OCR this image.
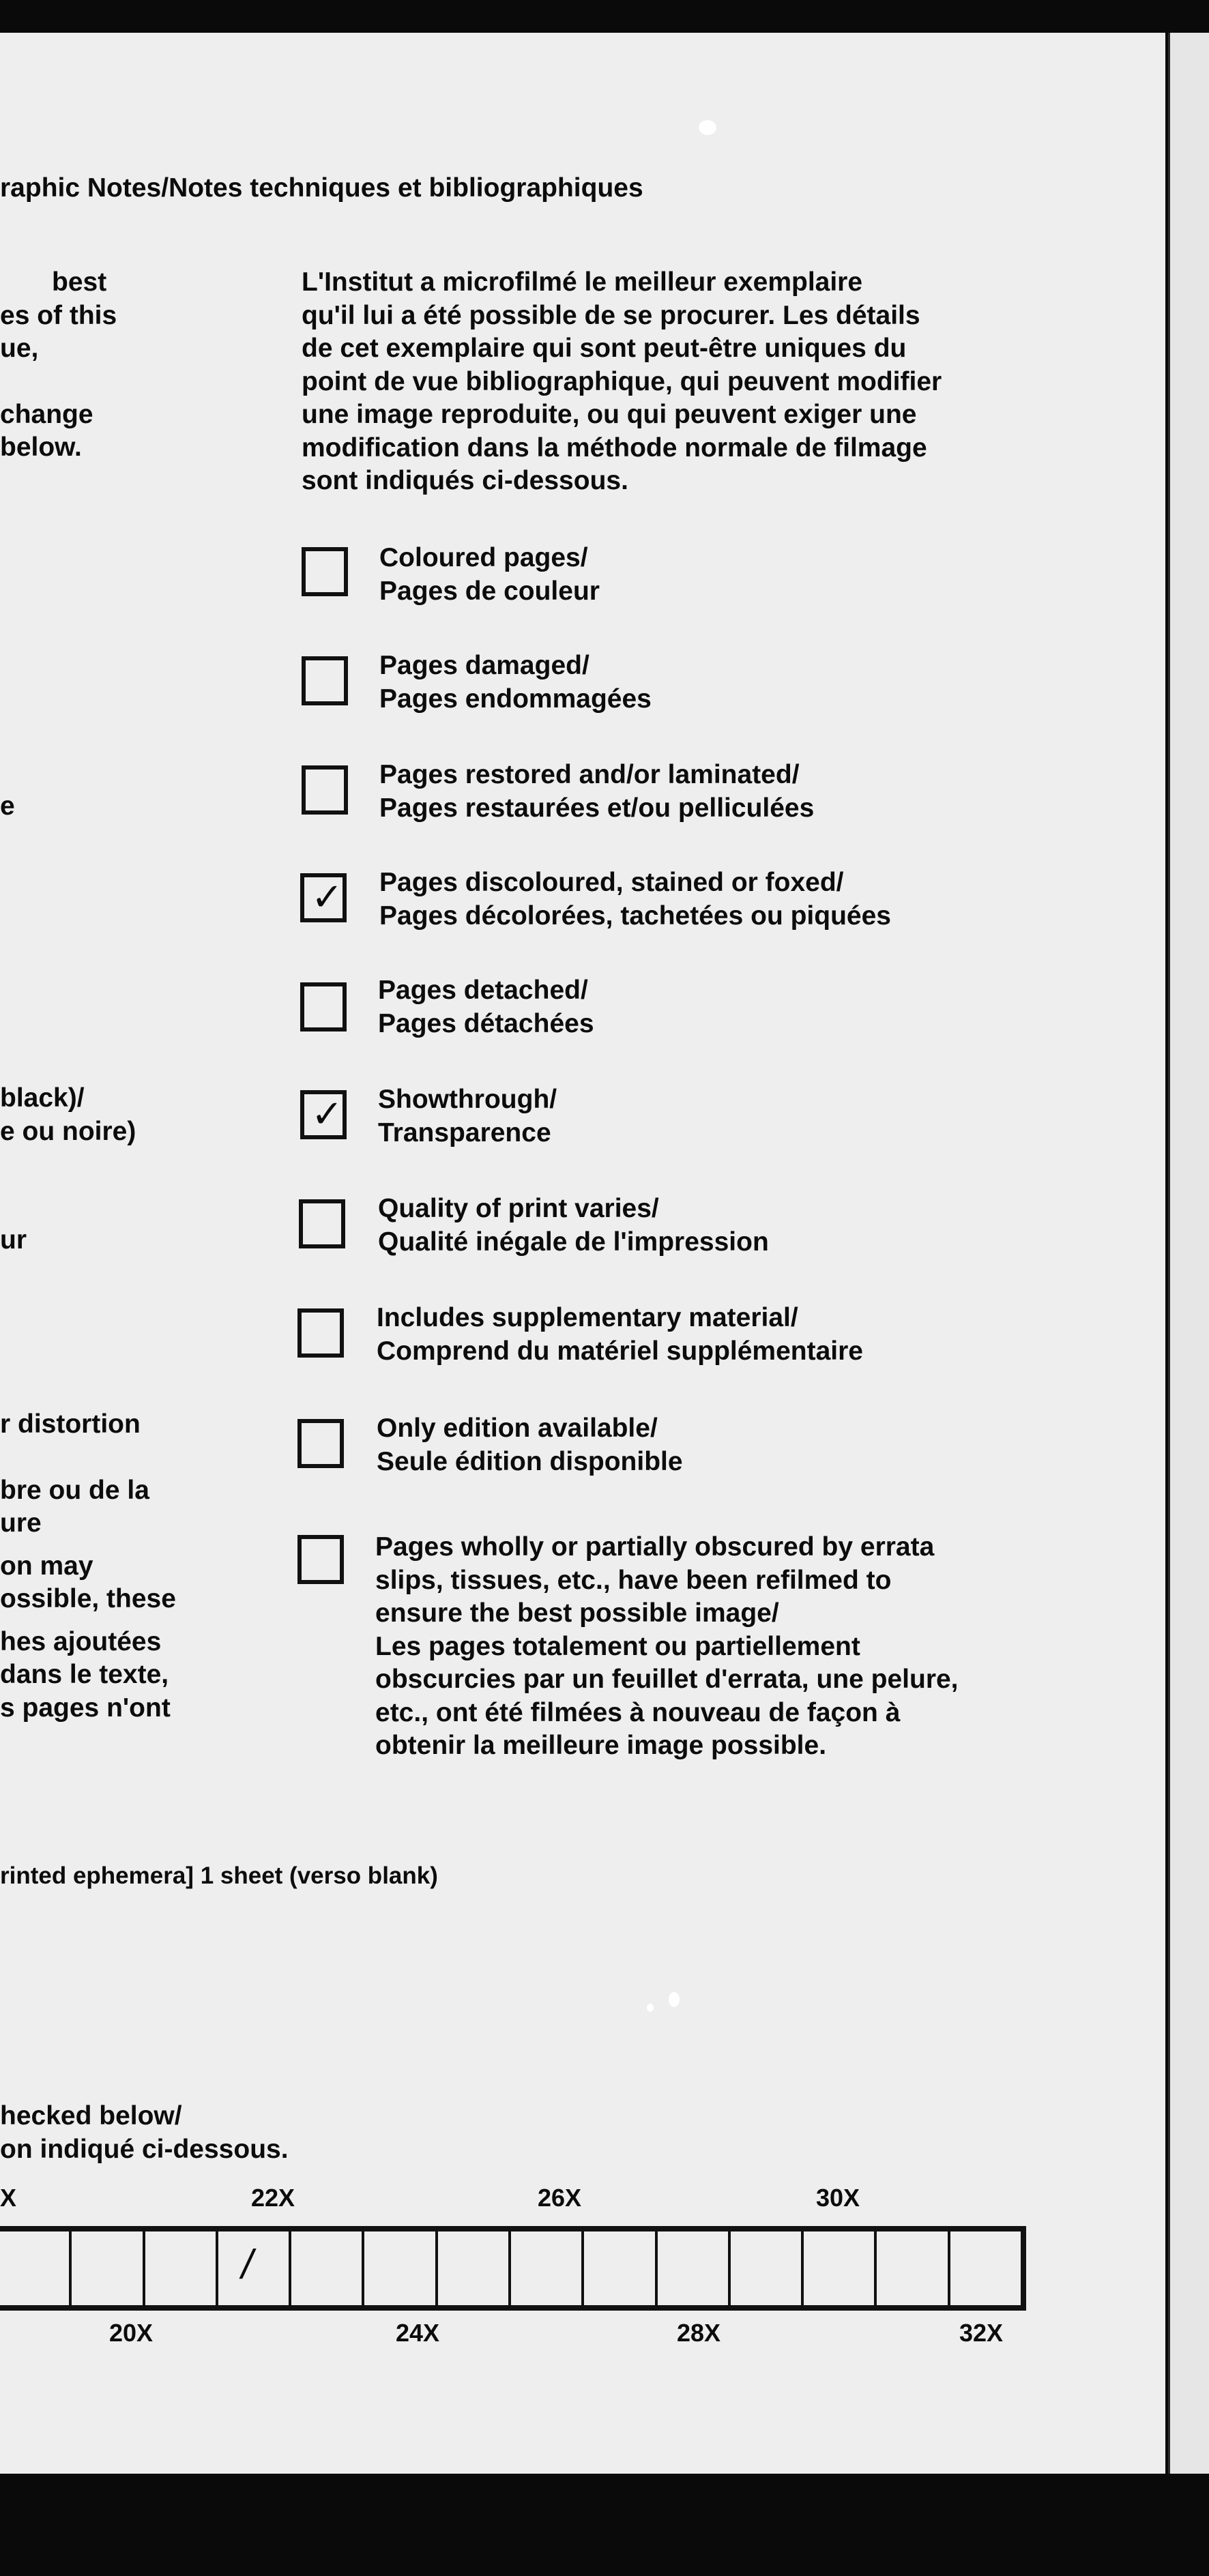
raphic Notes/Notes techniques et bibliographiques
best
es of this
ue,
change
below.
e
black)/
e ou noire)
ur
r distortion
bre ou de la
ure
on may
ossible, these
hes ajoutées
dans le texte,
s pages n'ont
rinted ephemera] 1 sheet (verso blank)
hecked below/
on indiqué ci-dessous.
L'Institut a microfilmé le meilleur exemplaire
qu'il lui a été possible de se procurer. Les détails
de cet exemplaire qui sont peut-être uniques du
point de vue bibliographique, qui peuvent modifier
une image reproduite, ou qui peuvent exiger une
modification dans la méthode normale de filmage
sont indiqués ci-dessous.
Coloured pages/
Pages de couleur
Pages damaged/
Pages endommagées
Pages restored and/or laminated/
Pages restaurées et/ou pelliculées
✓ Pages discoloured, stained or foxed/
Pages décolorées, tachetées ou piquées
Pages detached/
Pages détachées
✓ Showthrough/
Transparence
Quality of print varies/
Qualité inégale de l'impression
Includes supplementary material/
Comprend du matériel supplémentaire
Only edition available/
Seule édition disponible
Pages wholly or partially obscured by errata
slips, tissues, etc., have been refilmed to
ensure the best possible image/
Les pages totalement ou partiellement
obscurcies par un feuillet d'errata, une pelure,
etc., ont été filmées à nouveau de façon à
obtenir la meilleure image possible.
X	22X	26X	30X
/
20X	24X	28X	32X
